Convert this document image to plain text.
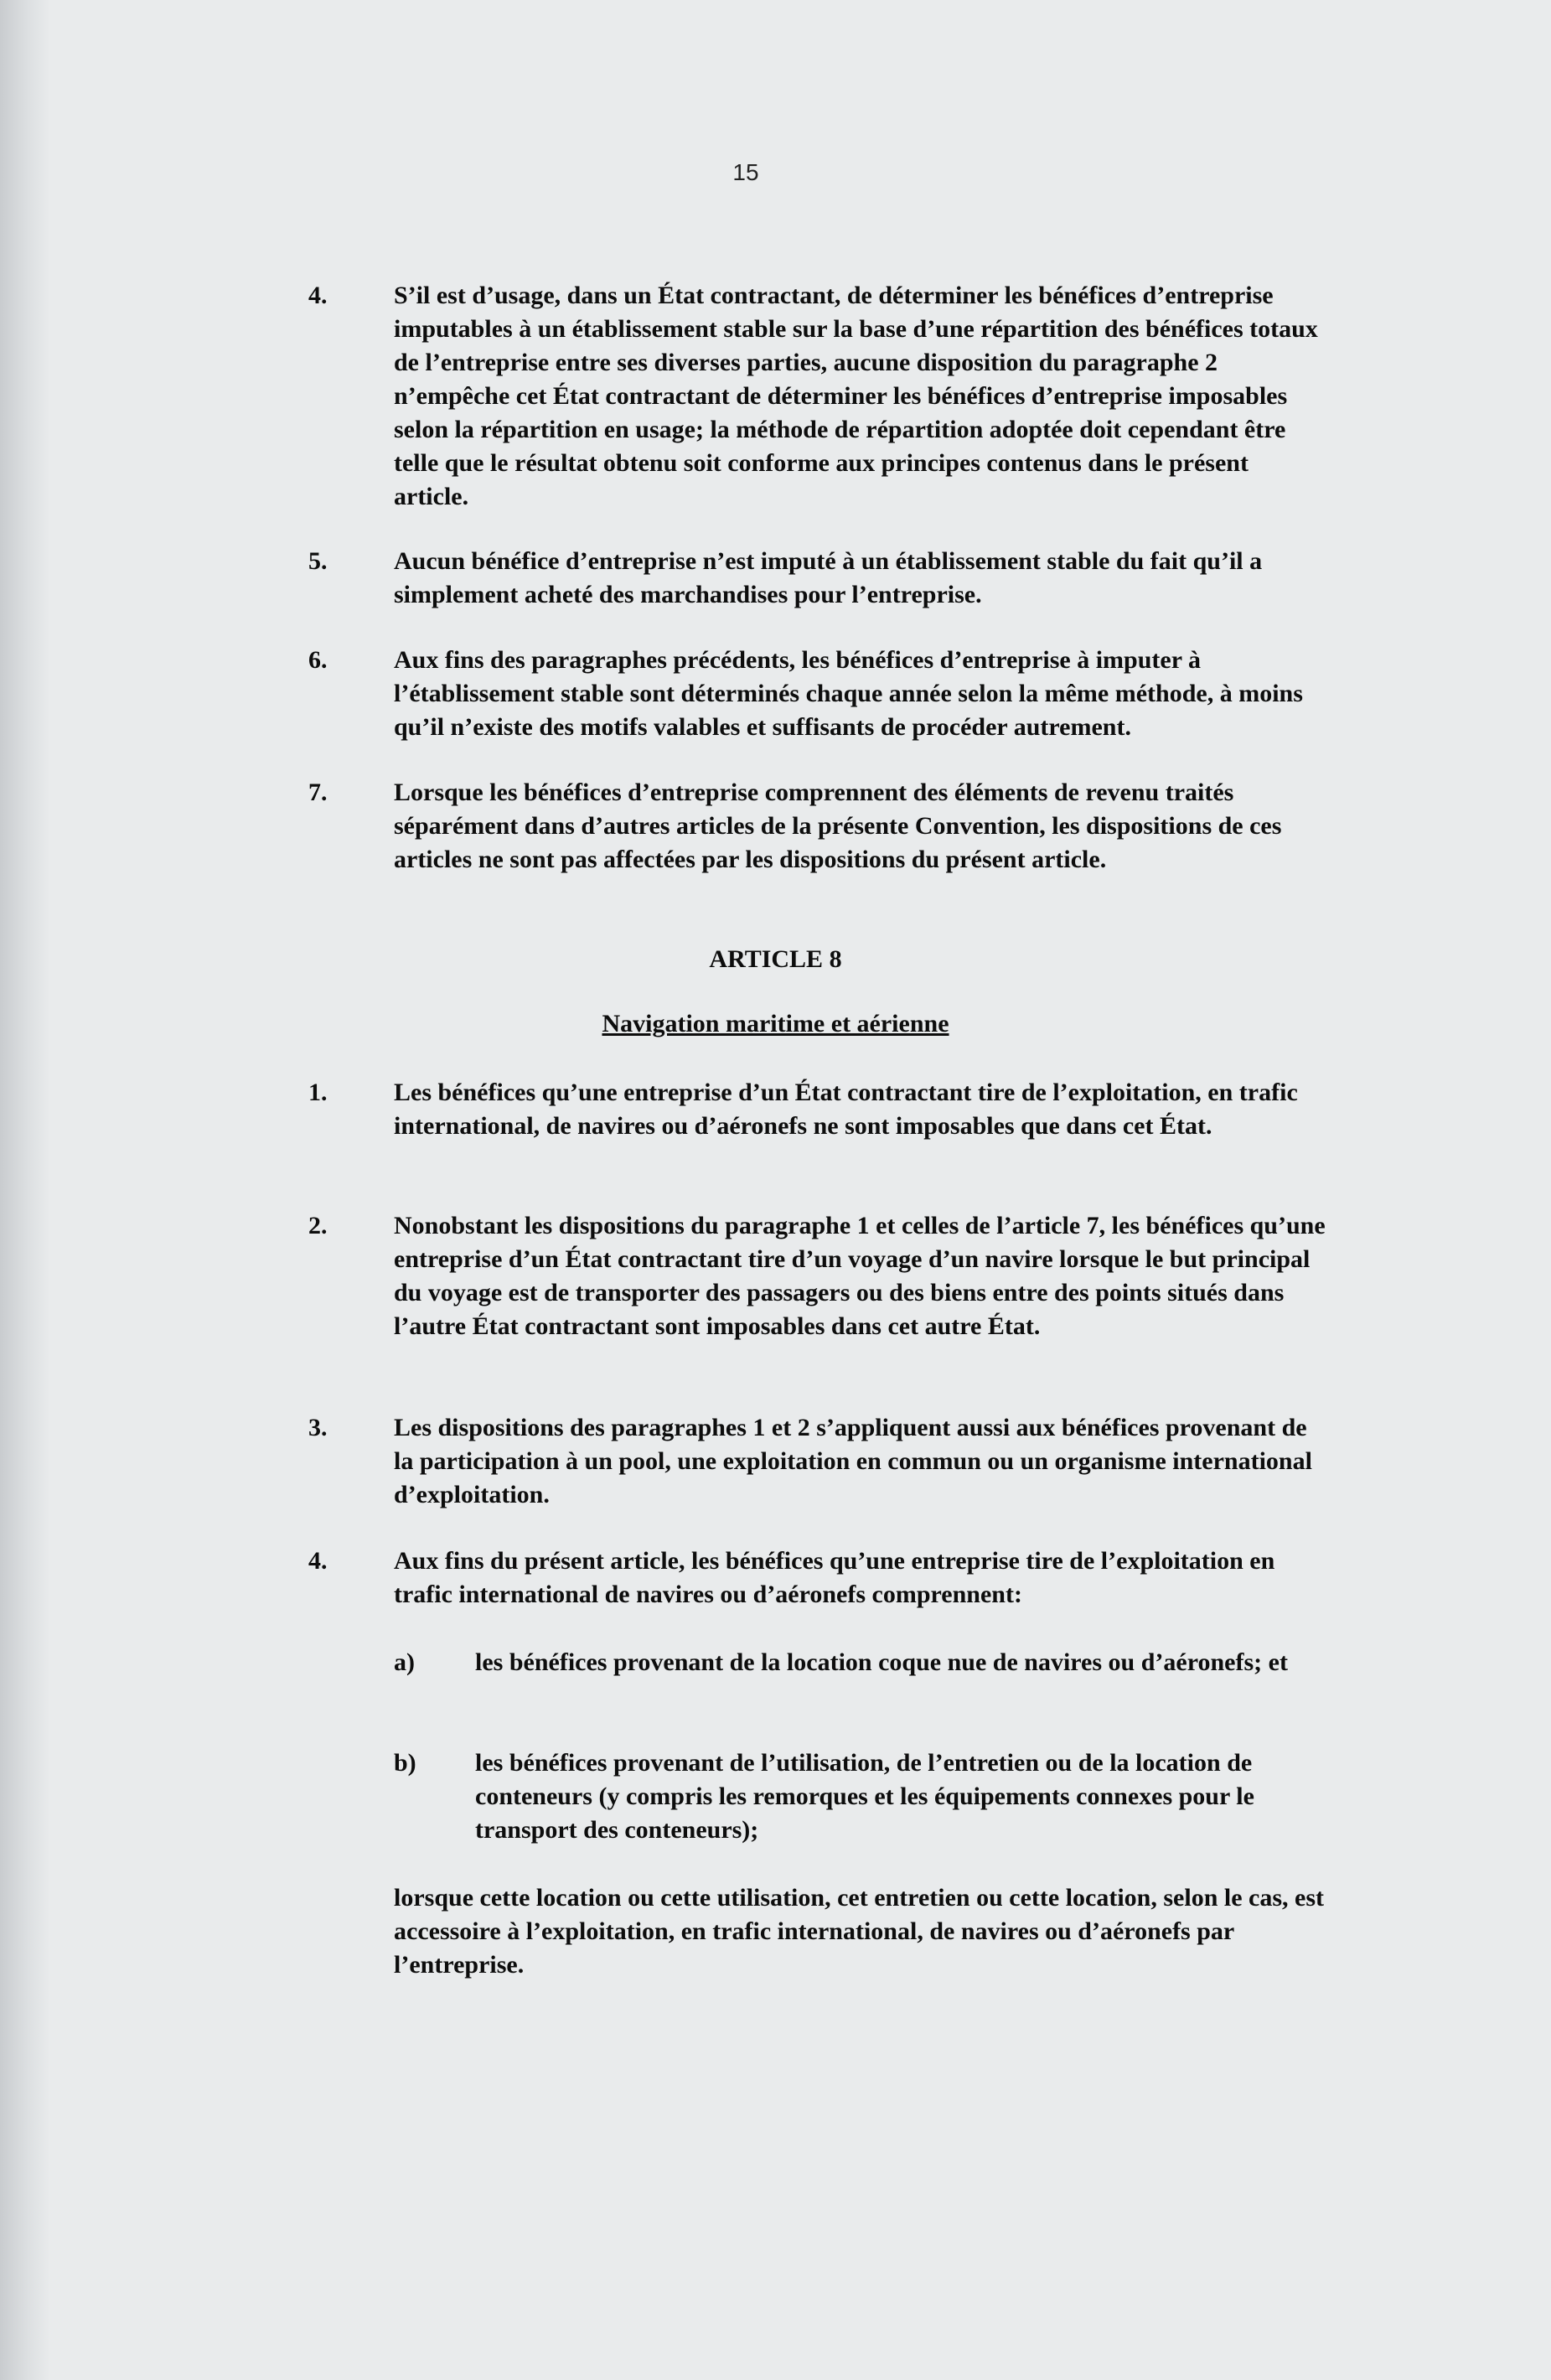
15
4.	S’il est d’usage, dans un État contractant, de déterminer les bénéfices d’entreprise imputables à un établissement stable sur la base d’une répartition des bénéfices totaux de l’entreprise entre ses diverses parties, aucune disposition du paragraphe 2 n’empêche cet État contractant de déterminer les bénéfices d’entreprise imposables selon la répartition en usage; la méthode de répartition adoptée doit cependant être telle que le résultat obtenu soit conforme aux principes contenus dans le présent article.
5.	Aucun bénéfice d’entreprise n’est imputé à un établissement stable du fait qu’il a simplement acheté des marchandises pour l’entreprise.
6.	Aux fins des paragraphes précédents, les bénéfices d’entreprise à imputer à l’établissement stable sont déterminés chaque année selon la même méthode, à moins qu’il n’existe des motifs valables et suffisants de procéder autrement.
7.	Lorsque les bénéfices d’entreprise comprennent des éléments de revenu traités séparément dans d’autres articles de la présente Convention, les dispositions de ces articles ne sont pas affectées par les dispositions du présent article.
ARTICLE 8
Navigation maritime et aérienne
1.	Les bénéfices qu’une entreprise d’un État contractant tire de l’exploitation, en trafic international, de navires ou d’aéronefs ne sont imposables que dans cet État.
2.	Nonobstant les dispositions du paragraphe 1 et celles de l’article 7, les bénéfices qu’une entreprise d’un État contractant tire d’un voyage d’un navire lorsque le but principal du voyage est de transporter des passagers ou des biens entre des points situés dans l’autre État contractant sont imposables dans cet autre État.
3.	Les dispositions des paragraphes 1 et 2 s’appliquent aussi aux bénéfices provenant de la participation à un pool, une exploitation en commun ou un organisme international d’exploitation.
4.	Aux fins du présent article, les bénéfices qu’une entreprise tire de l’exploitation en trafic international de navires ou d’aéronefs comprennent:
a)	les bénéfices provenant de la location coque nue de navires ou d’aéronefs; et
b)	les bénéfices provenant de l’utilisation, de l’entretien ou de la location de conteneurs (y compris les remorques et les équipements connexes pour le transport des conteneurs);
lorsque cette location ou cette utilisation, cet entretien ou cette location, selon le cas, est accessoire à l’exploitation, en trafic international, de navires ou d’aéronefs par l’entreprise.
